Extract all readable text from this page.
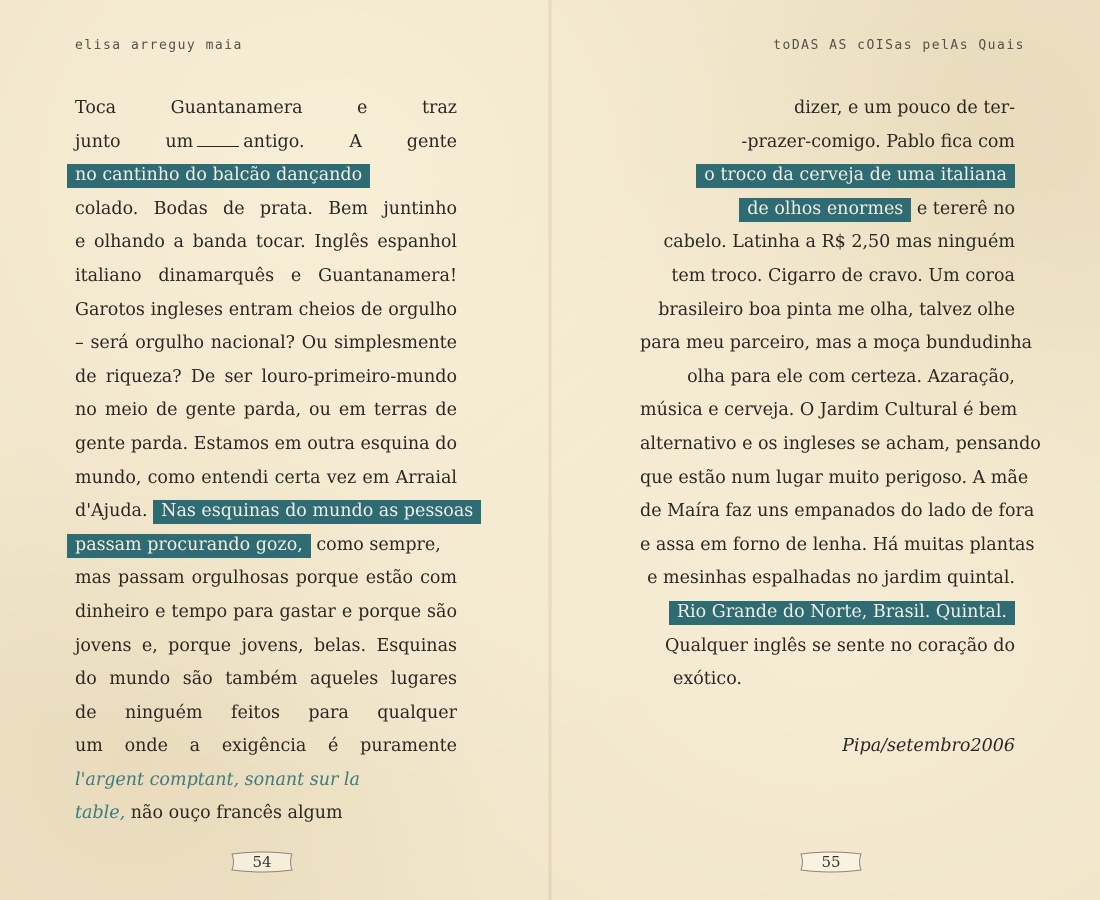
elisa arreguy maia	toDAS AS cOISas pelAs Quais
Toca Guantanamera e traz
junto um	antigo. A gente
no cantinho do balcão dançando
colado. Bodas de prata. Bem juntinho
e olhando a banda tocar. Inglês espanhol
italiano dinamarquês e Guantanamera!
Garotos ingleses entram cheios de orgulho
– será orgulho nacional? Ou simplesmente
de riqueza? De ser louro-primeiro-mundo
no meio de gente parda, ou em terras de
gente parda. Estamos em outra esquina do
mundo, como entendi certa vez em Arraial
d'Ajuda. Nas esquinas do mundo as pessoas
passam procurando gozo, como sempre,
mas passam orgulhosas porque estão com
dinheiro e tempo para gastar e porque são
jovens e, porque jovens, belas. Esquinas
do mundo são também aqueles lugares
de ninguém feitos para qualquer
um onde a exigência é puramente
l'argent comptant, sonant sur la
table, não ouço francês algum
dizer, e um pouco de ter-
-prazer-comigo. Pablo fica com
o troco da cerveja de uma italiana
de olhos enormes e tererê no
cabelo. Latinha a R$ 2,50 mas ninguém
tem troco. Cigarro de cravo. Um coroa
brasileiro boa pinta me olha, talvez olhe
para meu parceiro, mas a moça bundudinha
olha para ele com certeza. Azaração,
música e cerveja. O Jardim Cultural é bem
alternativo e os ingleses se acham, pensando
que estão num lugar muito perigoso. A mãe
de Maíra faz uns empanados do lado de fora
e assa em forno de lenha. Há muitas plantas
e mesinhas espalhadas no jardim quintal.
Rio Grande do Norte, Brasil. Quintal.
Qualquer inglês se sente no coração do
exótico.
Pipa/setembro2006
54	55
